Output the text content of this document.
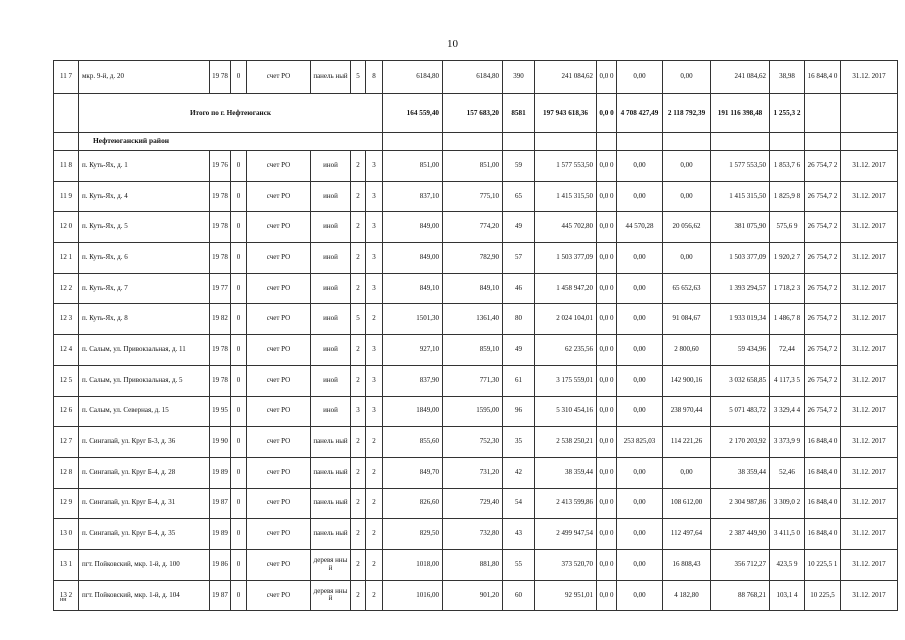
10
11 7	мкр. 9-й, д. 20	19 78	0	счет РО	панель ный	5	8	6184,80	6184,80	390	241 084,62	0,0 0	0,00	0,00	241 084,62	38,98	16 848,4 0	31.12. 2017
	Итого по г. Нефтеюганск							164 559,40	157 683,20	8581	197 943 618,36	0,0 0	4 708 427,49	2 118 792,39	191 116 398,48	1 255,3 2		
	Нефтеюганский район																	
11 8	п. Куть-Ях, д. 1	19 76	0	счет РО	иной	2	3	851,00	851,00	59	1 577 553,50	0,0 0	0,00	0,00	1 577 553,50	1 853,7 6	26 754,7 2	31.12. 2017
11 9	п. Куть-Ях, д. 4	19 78	0	счет РО	иной	2	3	837,10	775,10	65	1 415 315,50	0,0 0	0,00	0,00	1 415 315,50	1 825,9 8	26 754,7 2	31.12. 2017
12 0	п. Куть-Ях, д. 5	19 78	0	счет РО	иной	2	3	849,00	774,20	49	445 702,80	0,0 0	44 570,28	20 056,62	381 075,90	575,6 9	26 754,7 2	31.12. 2017
12 1	п. Куть-Ях, д. 6	19 78	0	счет РО	иной	2	3	849,00	782,90	57	1 503 377,09	0,0 0	0,00	0,00	1 503 377,09	1 920,2 7	26 754,7 2	31.12. 2017
12 2	п. Куть-Ях, д. 7	19 77	0	счет РО	иной	2	3	849,10	849,10	46	1 458 947,20	0,0 0	0,00	65 652,63	1 393 294,57	1 718,2 3	26 754,7 2	31.12. 2017
12 3	п. Куть-Ях, д. 8	19 82	0	счет РО	иной	5	2	1501,30	1361,40	80	2 024 104,01	0,0 0	0,00	91 084,67	1 933 019,34	1 486,7 8	26 754,7 2	31.12. 2017
12 4	п. Салым, ул. Привокзальная, д. 11	19 78	0	счет РО	иной	2	3	927,10	859,10	49	62 235,56	0,0 0	0,00	2 800,60	59 434,96	72,44	26 754,7 2	31.12. 2017
12 5	п. Салым, ул. Привокзальная, д. 5	19 78	0	счет РО	иной	2	3	837,90	771,30	61	3 175 559,01	0,0 0	0,00	142 900,16	3 032 658,85	4 117,3 5	26 754,7 2	31.12. 2017
12 6	п. Салым, ул. Северная, д. 15	19 95	0	счет РО	иной	3	3	1849,00	1595,00	96	5 310 454,16	0,0 0	0,00	238 970,44	5 071 483,72	3 329,4 4	26 754,7 2	31.12. 2017
12 7	п. Сингапай, ул. Круг Б-3, д. 36	19 90	0	счет РО	панель ный	2	2	855,60	752,30	35	2 538 250,21	0,0 0	253 825,03	114 221,26	2 170 203,92	3 373,9 9	16 848,4 0	31.12. 2017
12 8	п. Сингапай, ул. Круг Б-4, д. 28	19 89	0	счет РО	панель ный	2	2	849,70	731,20	42	38 359,44	0,0 0	0,00	0,00	38 359,44	52,46	16 848,4 0	31.12. 2017
12 9	п. Сингапай, ул. Круг Б-4, д. 31	19 87	0	счет РО	панель ный	2	2	826,60	729,40	54	2 413 599,86	0,0 0	0,00	108 612,00	2 304 987,86	3 309,0 2	16 848,4 0	31.12. 2017
13 0	п. Сингапай, ул. Круг Б-4, д. 35	19 89	0	счет РО	панель ный	2	2	829,50	732,80	43	2 499 947,54	0,0 0	0,00	112 497,64	2 387 449,90	3 411,5 0	16 848,4 0	31.12. 2017
13 1	пгт. Пойковский, мкр. 1-й, д. 100	19 86	0	счет РО	деревя нный	2	2	1018,00	881,80	55	373 520,70	0,0 0	0,00	16 808,43	356 712,27	423,5 9	10 225,5 1	31.12. 2017
13 2	пгт. Пойковский, мкр. 1-й, д. 104	19 87	0	счет РО	деревя нный	2	2	1016,00	901,20	60	92 951,01	0,0 0	0,00	4 182,80	88 768,21	103,1 4	10 225,5	31.12. 2017
нн
